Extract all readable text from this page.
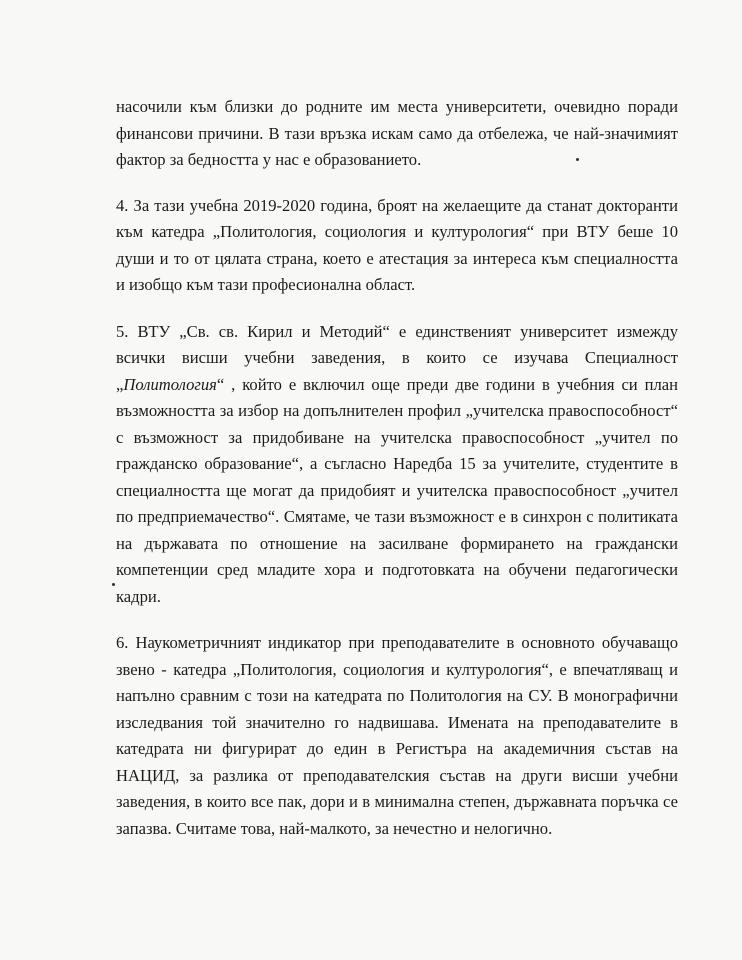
насочили към близки до родните им места университети, очевидно поради финансови причини. В тази връзка искам само да отбележа, че най-значимият фактор за бедността у нас е образованието.

4. За тази учебна 2019-2020 година, броят на желаещите да станат докторанти към катедра „Политология, социология и културология“ при ВТУ беше 10 души и то от цялата страна, което е атестация за интереса към специалността и изобщо към тази професионална област.

5. ВТУ „Св. св. Кирил и Методий“ е единственият университет измежду всички висши учебни заведения, в които се изучава Специалност „Политология“ , който е включил още преди две години в учебния си план възможността за избор на допълнителен профил „учителска правоспособност“ с възможност за придобиване на учителска правоспособност „учител по гражданско образование“, а съгласно Наредба 15 за учителите, студентите в специалността ще могат да придобият и учителска правоспособност „учител по предприемачество“. Смятаме, че тази възможност е в синхрон с политиката на държавата по отношение на засилване формирането на граждански компетенции сред младите хора и подготовката на обучени педагогически кадри.

6. Наукометричният индикатор при преподавателите в основното обучаващо звено - катедра „Политология, социология и културология“, е впечатляващ и напълно сравним с този на катедрата по Политология на СУ. В монографични изследвания той значително го надвишава. Имената на преподавателите в катедрата ни фигурират до един в Регистъра на академичния състав на НАЦИД, за разлика от преподавателския състав на други висши учебни заведения, в които все пак, дори и в минимална степен, държавната поръчка се запазва. Считаме това, най-малкото, за нечестно и нелогично.
